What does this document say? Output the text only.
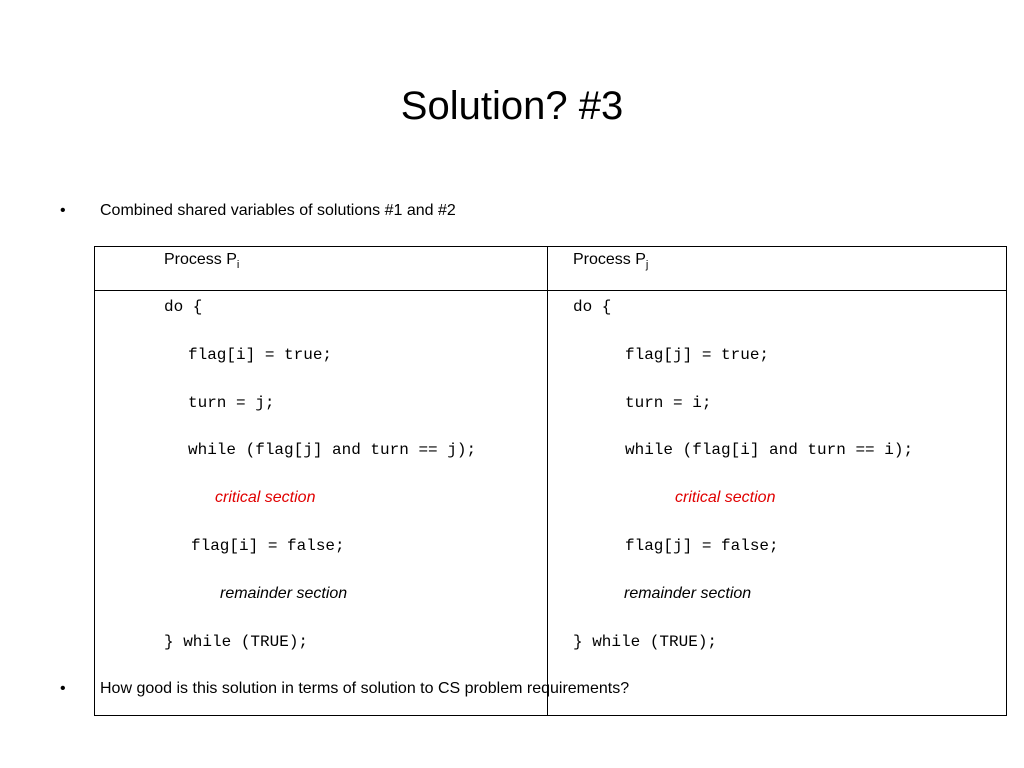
Solution? #3
• Combined shared variables of solutions #1 and #2
Process $P_i$
do {
flag[i] = true;
turn = j;
while (flag[j] and turn == j);
critical section
flag[i] = false;
remainder section
} while (TRUE);
Process $P_j$
do {
flag[j] = true;
turn = i;
while (flag[i] and turn == i);
critical section
flag[j] = false;
remainder section
} while (TRUE);
• How good is this solution in terms of solution to CS problem requirements?
